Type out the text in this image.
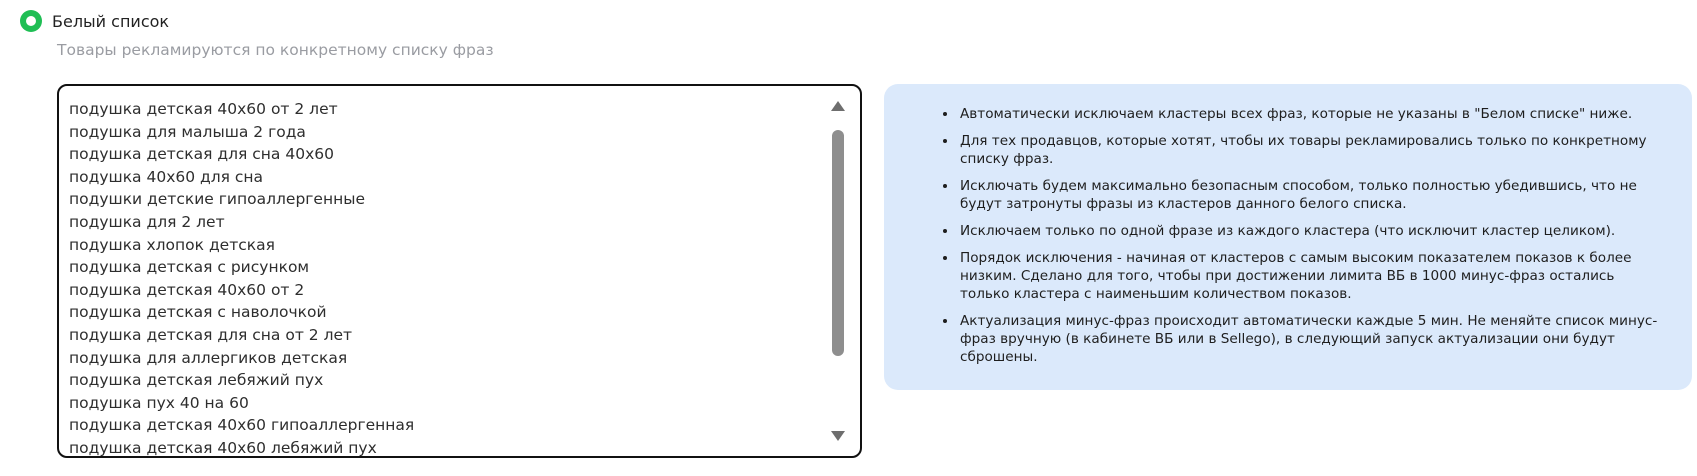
Белый список
Товары рекламируются по конкретному списку фраз
подушка детская 40х60 от 2 лет
подушка для малыша 2 года
подушка детская для сна 40х60
подушка 40х60 для сна
подушки детские гипоаллергенные
подушка для 2 лет
подушка хлопок детская
подушка детская с рисунком
подушка детская 40х60 от 2
подушка детская с наволочкой
подушка детская для сна от 2 лет
подушка для аллергиков детская
подушка детская лебяжий пух
подушка пух 40 на 60
подушка детская 40х60 гипоаллергенная
подушка детская 40х60 лебяжий пух
• Автоматически исключаем кластеры всех фраз, которые не указаны в "Белом списке" ниже.
• Для тех продавцов, которые хотят, чтобы их товары рекламировались только по конкретному списку фраз.
• Исключать будем максимально безопасным способом, только полностью убедившись, что не будут затронуты фразы из кластеров данного белого списка.
• Исключаем только по одной фразе из каждого кластера (что исключит кластер целиком).
• Порядок исключения - начиная от кластеров с самым высоким показателем показов к более низким. Сделано для того, чтобы при достижении лимита ВБ в 1000 минус-фраз остались только кластера с наименьшим количеством показов.
• Актуализация минус-фраз происходит автоматически каждые 5 мин. Не меняйте список минус-фраз вручную (в кабинете ВБ или в Sellego), в следующий запуск актуализации они будут сброшены.
